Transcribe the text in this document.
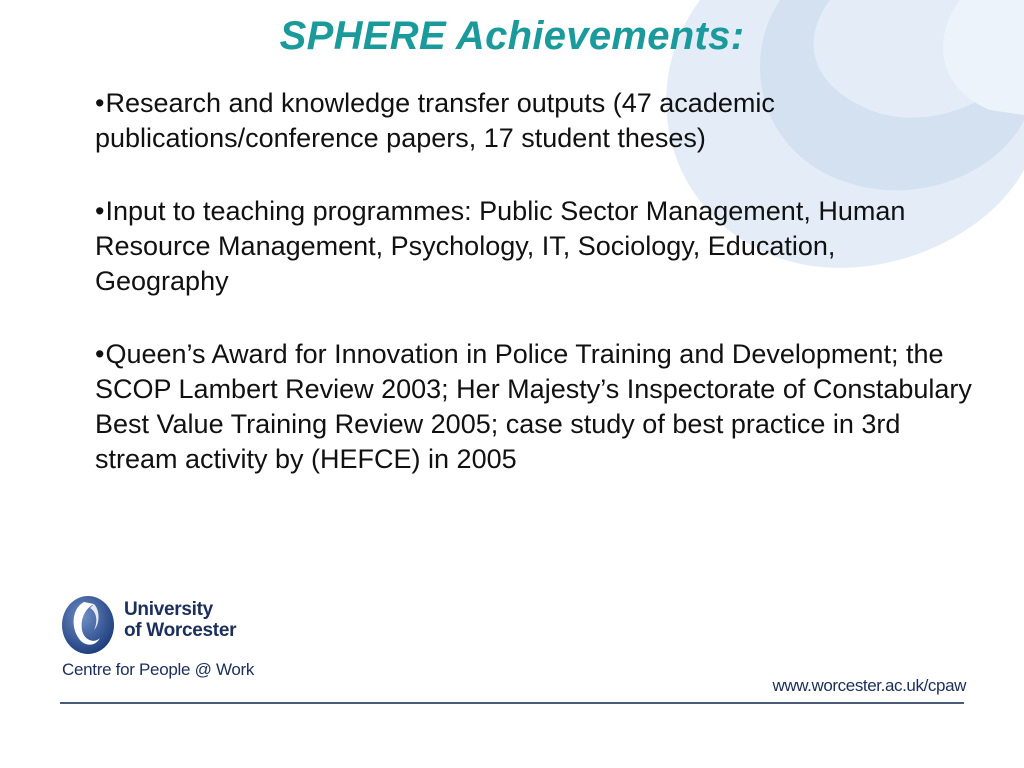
SPHERE Achievements:
•Research and knowledge transfer outputs (47 academic publications/conference papers, 17 student theses)
•Input to teaching programmes: Public Sector Management, Human Resource Management, Psychology, IT, Sociology, Education, Geography
•Queen’s Award for Innovation in Police Training and Development; the SCOP Lambert Review 2003; Her Majesty’s Inspectorate of Constabulary Best Value Training Review 2005; case study of best practice in 3rd stream activity by (HEFCE) in 2005
University
of Worcester
Centre for People @ Work
www.worcester.ac.uk/cpaw
